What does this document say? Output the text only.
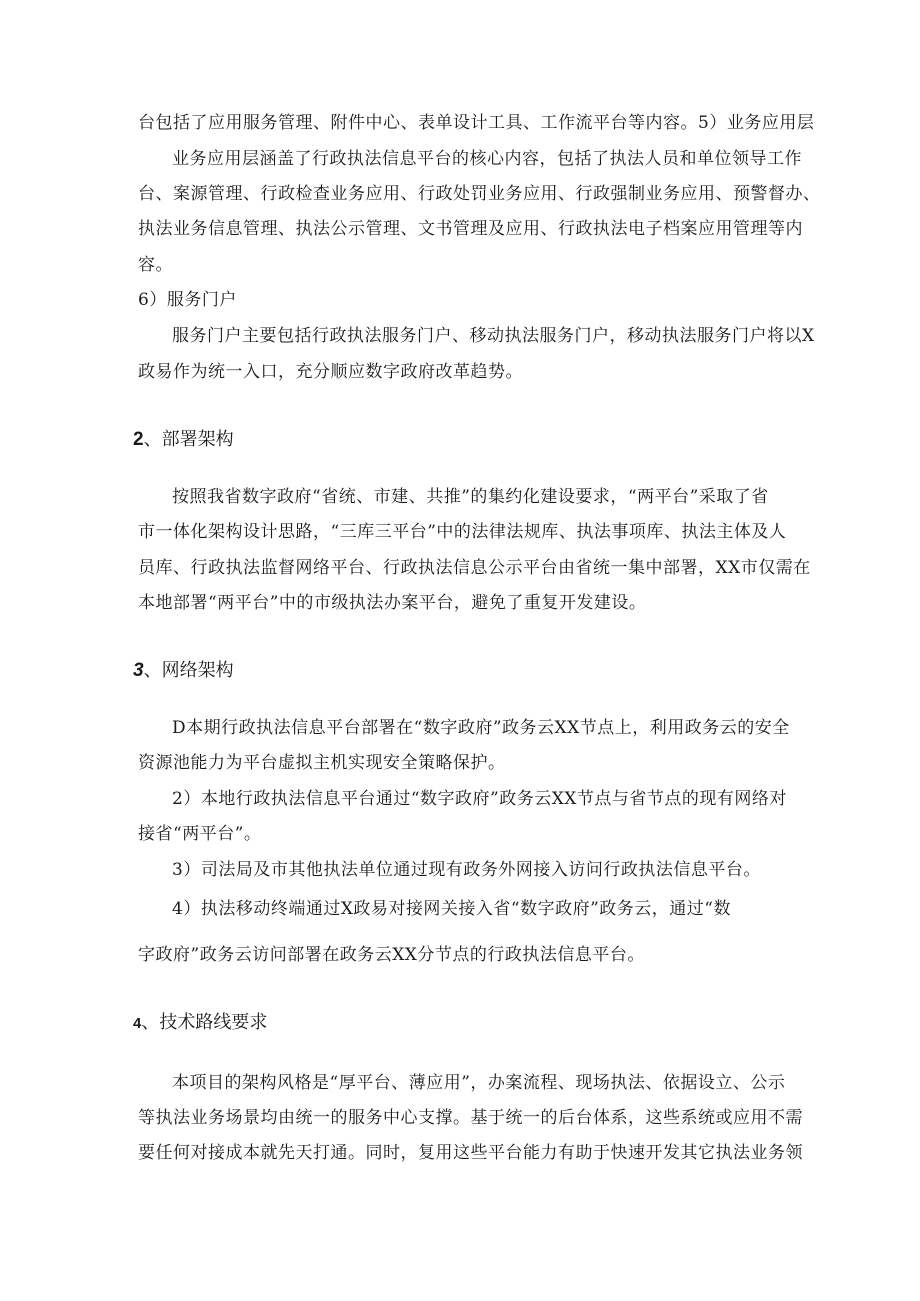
台包括了应用服务管理、附件中心、表单设计工具、工作流平台等内容。5）业务应用层
业务应用层涵盖了行政执法信息平台的核心内容，包括了执法人员和单位领导工作
台、案源管理、行政检查业务应用、行政处罚业务应用、行政强制业务应用、预警督办、
执法业务信息管理、执法公示管理、文书管理及应用、行政执法电子档案应用管理等内
容。
6）服务门户
服务门户主要包括行政执法服务门户、移动执法服务门户，移动执法服务门户将以X
政易作为统一入口，充分顺应数字政府改革趋势。
2、部署架构
按照我省数字政府“省统、市建、共推”的集约化建设要求，“两平台”采取了省
市一体化架构设计思路，“三库三平台”中的法律法规库、执法事项库、执法主体及人
员库、行政执法监督网络平台、行政执法信息公示平台由省统一集中部署，XX市仅需在
本地部署“两平台”中的市级执法办案平台，避免了重复开发建设。
3、网络架构
D本期行政执法信息平台部署在“数字政府”政务云XX节点上，利用政务云的安全
资源池能力为平台虚拟主机实现安全策略保护。
2）本地行政执法信息平台通过“数字政府”政务云XX节点与省节点的现有网络对
接省“两平台”。
3）司法局及市其他执法单位通过现有政务外网接入访问行政执法信息平台。
4）执法移动终端通过X政易对接网关接入省“数字政府”政务云，通过“数
字政府”政务云访问部署在政务云XX分节点的行政执法信息平台。
4、技术路线要求
本项目的架构风格是“厚平台、薄应用”，办案流程、现场执法、依据设立、公示
等执法业务场景均由统一的服务中心支撑。基于统一的后台体系，这些系统或应用不需
要任何对接成本就先天打通。同时，复用这些平台能力有助于快速开发其它执法业务领
